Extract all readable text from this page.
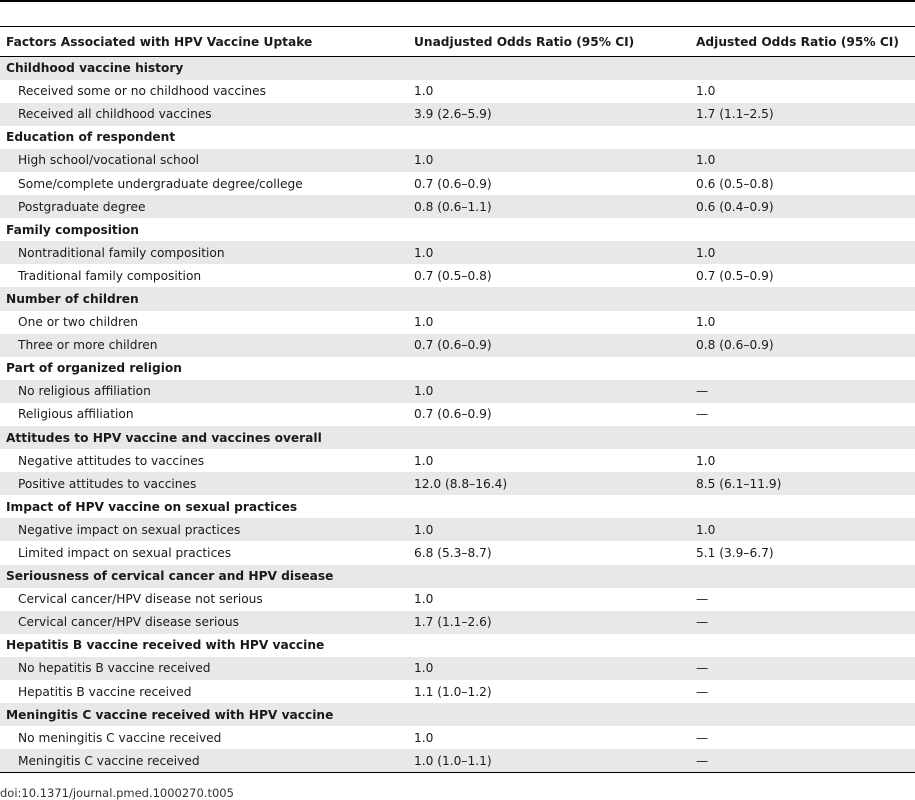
Factors Associated with HPV Vaccine Uptake	Unadjusted Odds Ratio (95% CI)	Adjusted Odds Ratio (95% CI)
Childhood vaccine history		
Received some or no childhood vaccines	1.0	1.0
Received all childhood vaccines	3.9 (2.6–5.9)	1.7 (1.1–2.5)
Education of respondent		
High school/vocational school	1.0	1.0
Some/complete undergraduate degree/college	0.7 (0.6–0.9)	0.6 (0.5–0.8)
Postgraduate degree	0.8 (0.6–1.1)	0.6 (0.4–0.9)
Family composition		
Nontraditional family composition	1.0	1.0
Traditional family composition	0.7 (0.5–0.8)	0.7 (0.5–0.9)
Number of children		
One or two children	1.0	1.0
Three or more children	0.7 (0.6–0.9)	0.8 (0.6–0.9)
Part of organized religion		
No religious affiliation	1.0	—
Religious affiliation	0.7 (0.6–0.9)	—
Attitudes to HPV vaccine and vaccines overall		
Negative attitudes to vaccines	1.0	1.0
Positive attitudes to vaccines	12.0 (8.8–16.4)	8.5 (6.1–11.9)
Impact of HPV vaccine on sexual practices		
Negative impact on sexual practices	1.0	1.0
Limited impact on sexual practices	6.8 (5.3–8.7)	5.1 (3.9–6.7)
Seriousness of cervical cancer and HPV disease		
Cervical cancer/HPV disease not serious	1.0	—
Cervical cancer/HPV disease serious	1.7 (1.1–2.6)	—
Hepatitis B vaccine received with HPV vaccine		
No hepatitis B vaccine received	1.0	—
Hepatitis B vaccine received	1.1 (1.0–1.2)	—
Meningitis C vaccine received with HPV vaccine		
No meningitis C vaccine received	1.0	—
Meningitis C vaccine received	1.0 (1.0–1.1)	—
doi:10.1371/journal.pmed.1000270.t005
